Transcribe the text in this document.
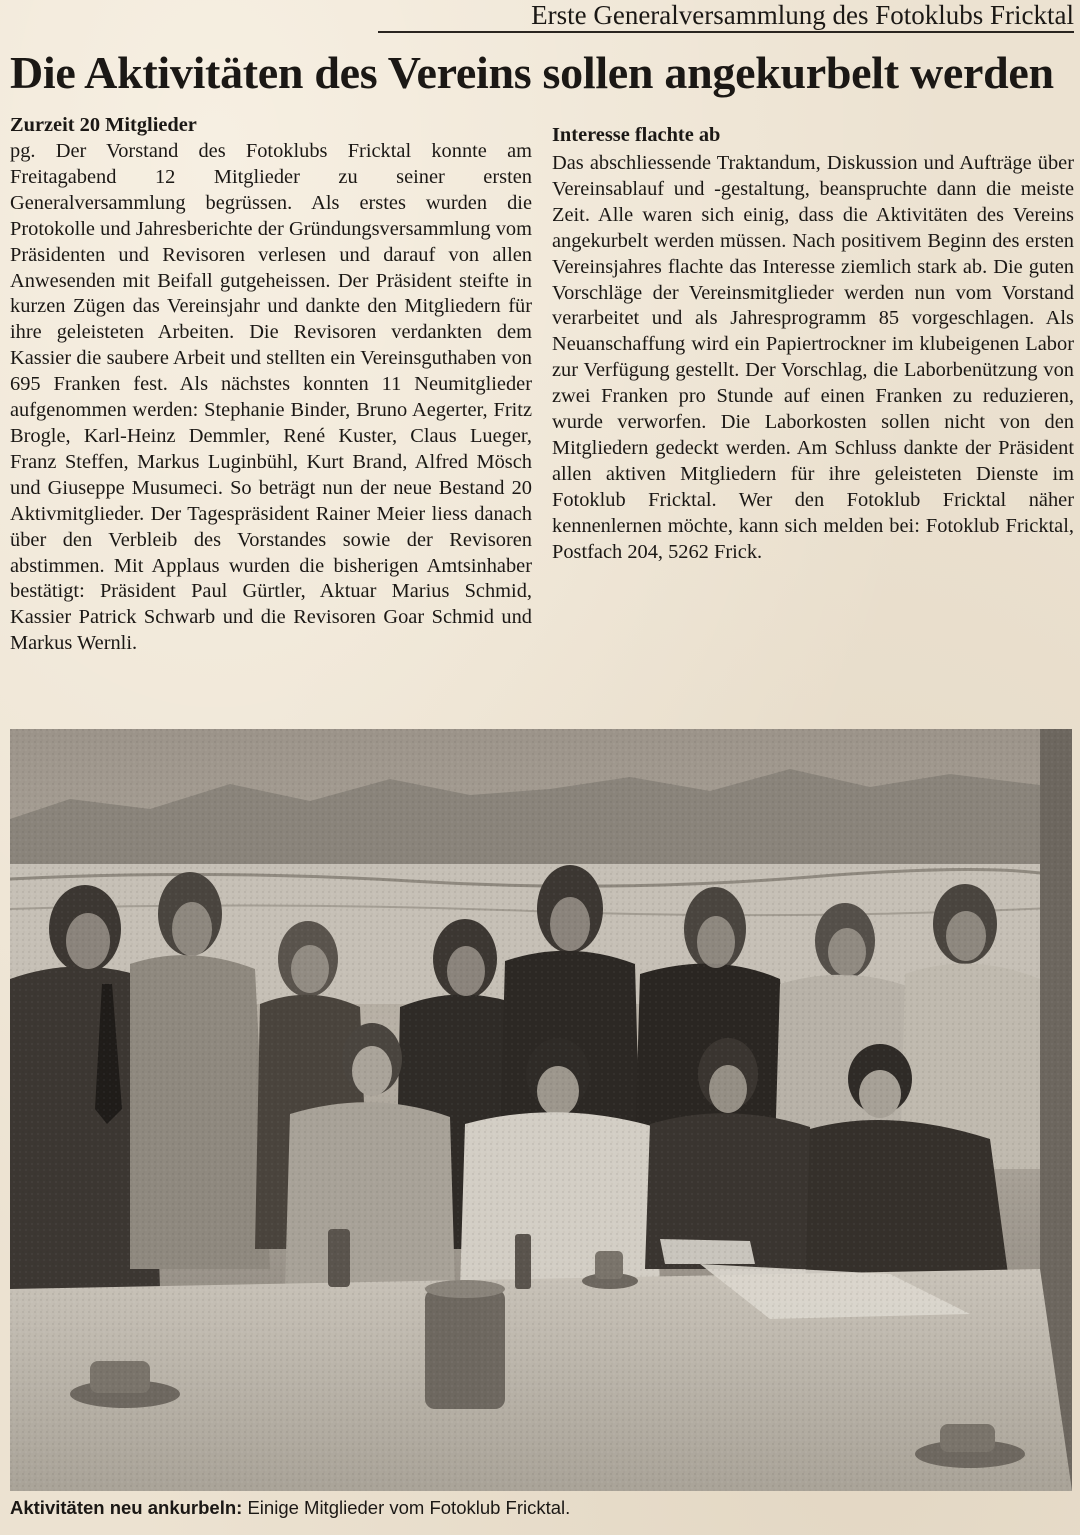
Erste Generalversammlung des Fotoklubs Fricktal
Die Aktivitäten des Vereins sollen angekurbelt werden

Zurzeit 20 Mitglieder

pg. Der Vorstand des Fotoklubs Fricktal konnte am Freitagabend 12 Mitglieder zu seiner ersten Generalversammlung begrüssen. Als erstes wurden die Protokolle und Jahresberichte der Gründungsversammlung vom Präsidenten und Revisoren verlesen und darauf von allen Anwesenden mit Beifall gutgeheissen. Der Präsident steifte in kurzen Zügen das Vereinsjahr und dankte den Mitgliedern für ihre geleisteten Arbeiten. Die Revisoren verdankten dem Kassier die saubere Arbeit und stellten ein Vereinsguthaben von 695 Franken fest. Als nächstes konnten 11 Neumitglieder aufgenommen werden: Stephanie Binder, Bruno Aegerter, Fritz Brogle, Karl-Heinz Demmler, René Kuster, Claus Lueger, Franz Steffen, Markus Luginbühl, Kurt Brand, Alfred Mösch und Giuseppe Musumeci. So beträgt nun der neue Bestand 20 Aktivmitglieder. Der Tagespräsident Rainer Meier liess danach über den Verbleib des Vorstandes sowie der Revisoren abstimmen. Mit Applaus wurden die bisherigen Amtsinhaber bestätigt: Präsident Paul Gürtler, Aktuar Marius Schmid, Kassier Patrick Schwarb und die Revisoren Goar Schmid und Markus Wernli.

Interesse flachte ab

Das abschliessende Traktandum, Diskussion und Aufträge über Vereinsablauf und -gestaltung, beanspruchte dann die meiste Zeit. Alle waren sich einig, dass die Aktivitäten des Vereins angekurbelt werden müssen. Nach positivem Beginn des ersten Vereinsjahres flachte das Interesse ziemlich stark ab. Die guten Vorschläge der Vereinsmitglieder werden nun vom Vorstand verarbeitet und als Jahresprogramm 85 vorgeschlagen. Als Neuanschaffung wird ein Papiertrockner im klubeigenen Labor zur Verfügung gestellt. Der Vorschlag, die Laborbenützung von zwei Franken pro Stunde auf einen Franken zu reduzieren, wurde verworfen. Die Laborkosten sollen nicht von den Mitgliedern gedeckt werden. Am Schluss dankte der Präsident allen aktiven Mitgliedern für ihre geleisteten Dienste im Fotoklub Fricktal. Wer den Fotoklub Fricktal näher kennenlernen möchte, kann sich melden bei: Fotoklub Fricktal, Postfach 204, 5262 Frick.

Aktivitäten neu ankurbeln: Einige Mitglieder vom Fotoklub Fricktal.
